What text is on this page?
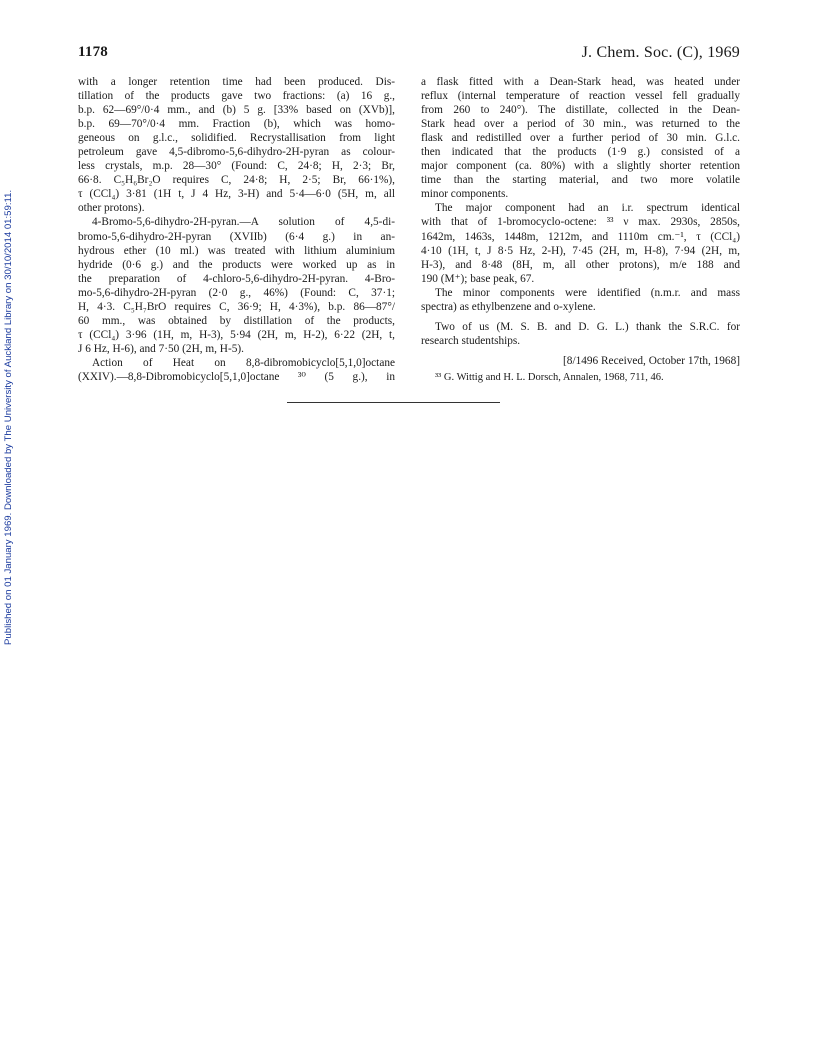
1178	J. Chem. Soc. (C), 1969
Published on 01 January 1969. Downloaded by The University of Auckland Library on 30/10/2014 01:59:11.
with a longer retention time had been produced. Dis-
tillation of the products gave two fractions: (a) 16 g.,
b.p. 62—69°/0·4 mm., and (b) 5 g. [33% based on (XVb)],
b.p. 69—70°/0·4 mm. Fraction (b), which was homo-
geneous on g.l.c., solidified. Recrystallisation from light
petroleum gave 4,5-dibromo-5,6-dihydro-2H-pyran as colour-
less crystals, m.p. 28—30° (Found: C, 24·8; H, 2·3; Br,
66·8. C₅H₆Br₂O requires C, 24·8; H, 2·5; Br, 66·1%),
τ (CCl₄) 3·81 (1H t, J 4 Hz, 3-H) and 5·4—6·0 (5H, m, all
other protons).
4-Bromo-5,6-dihydro-2H-pyran.—A solution of 4,5-di-
bromo-5,6-dihydro-2H-pyran (XVIIb) (6·4 g.) in an-
hydrous ether (10 ml.) was treated with lithium aluminium
hydride (0·6 g.) and the products were worked up as in
the preparation of 4-chloro-5,6-dihydro-2H-pyran. 4-Bro-
mo-5,6-dihydro-2H-pyran (2·0 g., 46%) (Found: C, 37·1;
H, 4·3. C₅H₇BrO requires C, 36·9; H, 4·3%), b.p. 86—87°/
60 mm., was obtained by distillation of the products,
τ (CCl₄) 3·96 (1H, m, H-3), 5·94 (2H, m, H-2), 6·22 (2H, t,
J 6 Hz, H-6), and 7·50 (2H, m, H-5).
Action of Heat on 8,8-dibromobicyclo[5,1,0]octane
(XXIV).—8,8-Dibromobicyclo[5,1,0]octane ³⁰ (5 g.), in
a flask fitted with a Dean-Stark head, was heated under
reflux (internal temperature of reaction vessel fell gradually
from 260 to 240°). The distillate, collected in the Dean-
Stark head over a period of 30 min., was returned to the
flask and redistilled over a further period of 30 min. G.l.c.
then indicated that the products (1·9 g.) consisted of a
major component (ca. 80%) with a slightly shorter retention
time than the starting material, and two more volatile
minor components.
The major component had an i.r. spectrum identical
with that of 1-bromocyclo-octene: ³³ ν max. 2930s, 2850s,
1642m, 1463s, 1448m, 1212m, and 1110m cm.⁻¹, τ (CCl₄)
4·10 (1H, t, J 8·5 Hz, 2-H), 7·45 (2H, m, H-8), 7·94 (2H, m,
H-3), and 8·48 (8H, m, all other protons), m/e 188 and
190 (M⁺); base peak, 67.
The minor components were identified (n.m.r. and mass
spectra) as ethylbenzene and o-xylene.
Two of us (M. S. B. and D. G. L.) thank the S.R.C. for
research studentships.
[8/1496 Received, October 17th, 1968]
³³ G. Wittig and H. L. Dorsch, Annalen, 1968, 711, 46.
